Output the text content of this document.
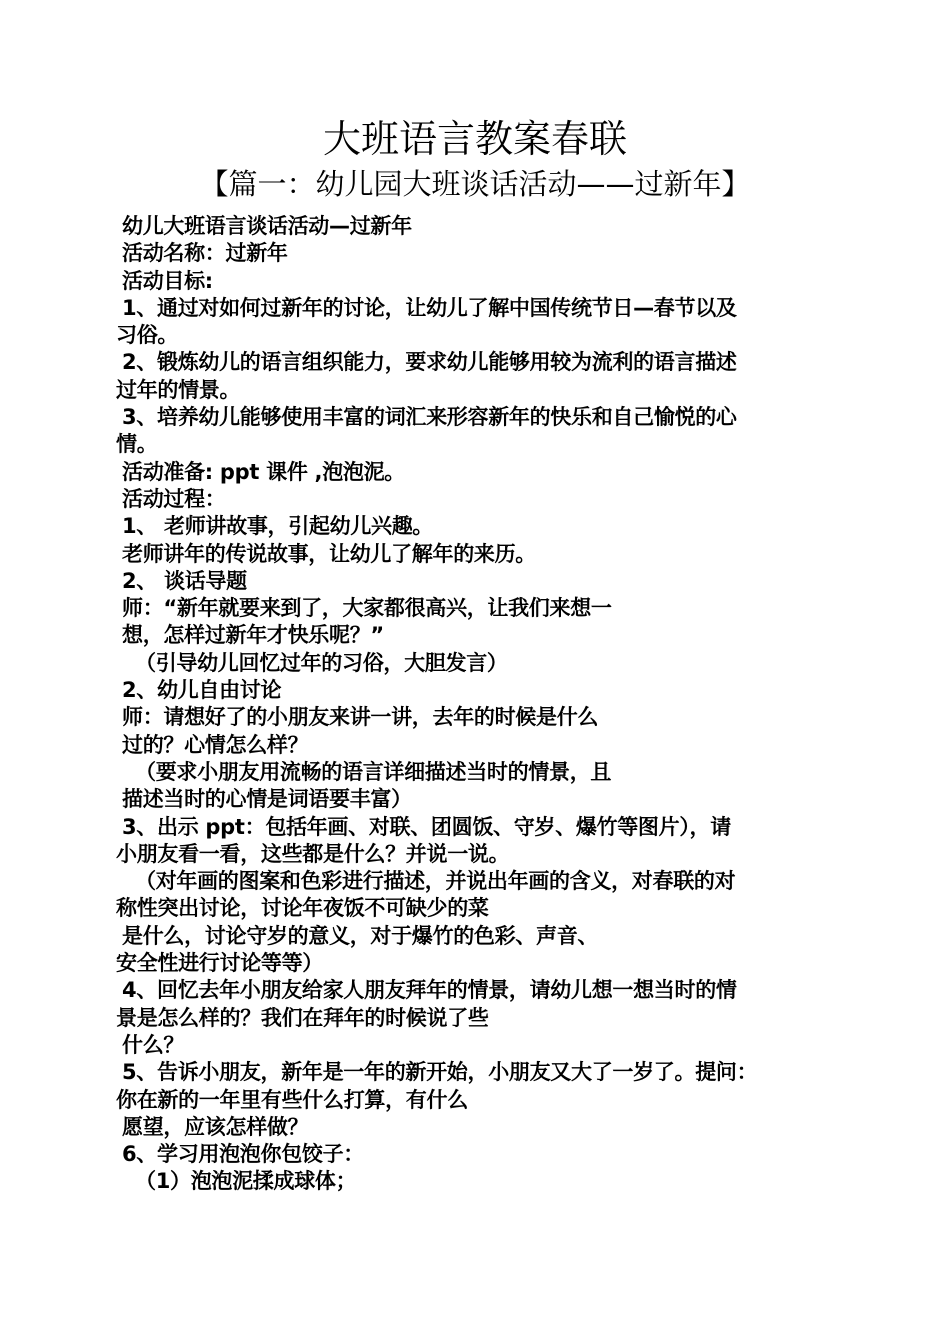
大班语言教案春联
【篇一：幼儿园大班谈话活动——过新年】
幼儿大班语言谈话活动—过新年
活动名称：过新年
活动目标:
1、通过对如何过新年的讨论，让幼儿了解中国传统节日—春节以及
习俗。
2、锻炼幼儿的语言组织能力，要求幼儿能够用较为流利的语言描述
过年的情景。
3、培养幼儿能够使用丰富的词汇来形容新年的快乐和自己愉悦的心
情。
活动准备: ppt 课件 ,泡泡泥。
活动过程：
1、 老师讲故事，引起幼儿兴趣。
老师讲年的传说故事，让幼儿了解年的来历。
2、 谈话导题
师：“新年就要来到了，大家都很高兴，让我们来想一
想，怎样过新年才快乐呢？”
（引导幼儿回忆过年的习俗，大胆发言）
2、幼儿自由讨论
师：请想好了的小朋友来讲一讲，去年的时候是什么
过的？心情怎么样？
（要求小朋友用流畅的语言详细描述当时的情景，且
描述当时的心情是词语要丰富）
3、出示 ppt：包括年画、对联、团圆饭、守岁、爆竹等图片），请
小朋友看一看，这些都是什么？并说一说。
（对年画的图案和色彩进行描述，并说出年画的含义，对春联的对
称性突出讨论，讨论年夜饭不可缺少的菜
是什么，讨论守岁的意义，对于爆竹的色彩、声音、
安全性进行讨论等等）
4、回忆去年小朋友给家人朋友拜年的情景，请幼儿想一想当时的情
景是怎么样的？我们在拜年的时候说了些
什么？
5、告诉小朋友，新年是一年的新开始，小朋友又大了一岁了。提问：
你在新的一年里有些什么打算，有什么
愿望，应该怎样做？
6、学习用泡泡你包饺子：
（1）泡泡泥揉成球体；
